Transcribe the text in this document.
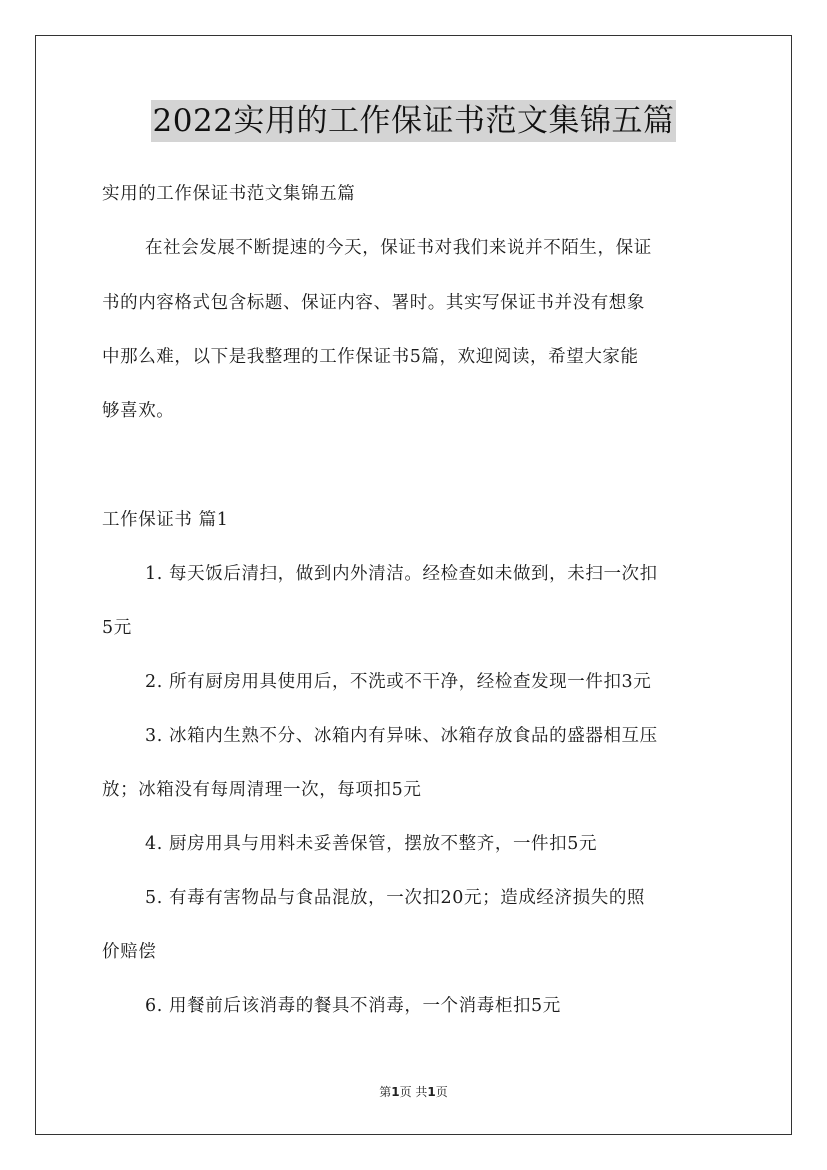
2022实用的工作保证书范文集锦五篇
实用的工作保证书范文集锦五篇
在社会发展不断提速的今天，保证书对我们来说并不陌生，保证
书的内容格式包含标题、保证内容、署时。其实写保证书并没有想象
中那么难，以下是我整理的工作保证书5篇，欢迎阅读，希望大家能
够喜欢。
工作保证书 篇1
1. 每天饭后清扫，做到内外清洁。经检查如未做到，未扫一次扣
5元
2. 所有厨房用具使用后，不洗或不干净，经检查发现一件扣3元
3. 冰箱内生熟不分、冰箱内有异味、冰箱存放食品的盛器相互压
放；冰箱没有每周清理一次，每项扣5元
4. 厨房用具与用料未妥善保管，摆放不整齐，一件扣5元
5. 有毒有害物品与食品混放，一次扣20元；造成经济损失的照
价赔偿
6. 用餐前后该消毒的餐具不消毒，一个消毒柜扣5元
第1页 共1页
